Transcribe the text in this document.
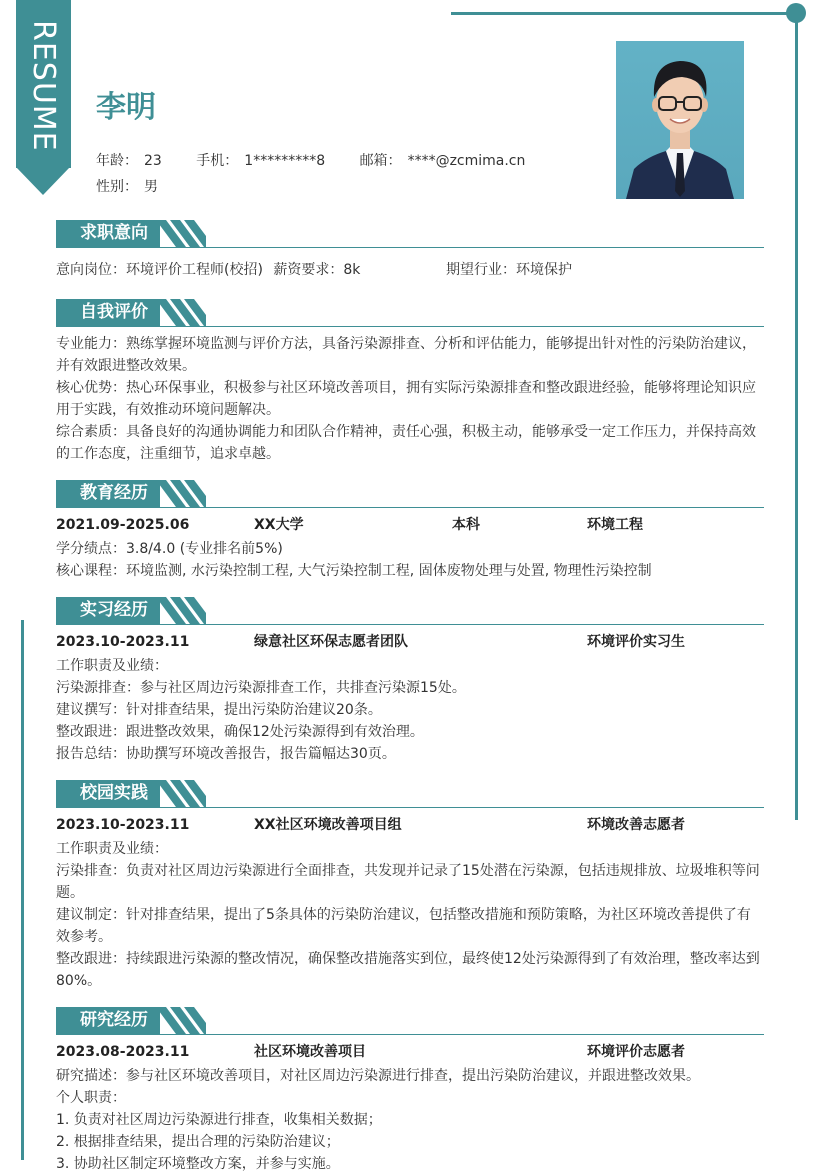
RESUME 李明
年龄： 23 手机： 1*********8 邮箱： ****@zcmima.cn
性别： 男
求职意向
意向岗位：环境评价工程师(校招) 薪资要求：8k	期望行业：环境保护
自我评价
专业能力：熟练掌握环境监测与评价方法，具备污染源排查、分析和评估能力，能够提出针对性的污染防治建议，
并有效跟进整改效果。
核心优势：热心环保事业，积极参与社区环境改善项目，拥有实际污染源排查和整改跟进经验，能够将理论知识应
用于实践，有效推动环境问题解决。
综合素质：具备良好的沟通协调能力和团队合作精神，责任心强，积极主动，能够承受一定工作压力，并保持高效
的工作态度，注重细节，追求卓越。
教育经历
2021.09-2025.06	XX大学	本科	环境工程
学分绩点：3.8/4.0 (专业排名前5%)
核心课程：环境监测, 水污染控制工程, 大气污染控制工程, 固体废物处理与处置, 物理性污染控制
实习经历
2023.10-2023.11	绿意社区环保志愿者团队	环境评价实习生
工作职责及业绩：
污染源排查：参与社区周边污染源排查工作，共排查污染源15处。
建议撰写：针对排查结果，提出污染防治建议20条。
整改跟进：跟进整改效果，确保12处污染源得到有效治理。
报告总结：协助撰写环境改善报告，报告篇幅达30页。
校园实践
2023.10-2023.11	XX社区环境改善项目组	环境改善志愿者
工作职责及业绩：
污染排查：负责对社区周边污染源进行全面排查，共发现并记录了15处潜在污染源，包括违规排放、垃圾堆积等问
题。
建议制定：针对排查结果，提出了5条具体的污染防治建议，包括整改措施和预防策略，为社区环境改善提供了有
效参考。
整改跟进：持续跟进污染源的整改情况，确保整改措施落实到位，最终使12处污染源得到了有效治理，整改率达到
80%。
研究经历
2023.08-2023.11	社区环境改善项目	环境评价志愿者
研究描述：参与社区环境改善项目，对社区周边污染源进行排查，提出污染防治建议，并跟进整改效果。
个人职责：
1. 负责对社区周边污染源进行排查，收集相关数据；
2. 根据排查结果，提出合理的污染防治建议；
3. 协助社区制定环境整改方案，并参与实施。
